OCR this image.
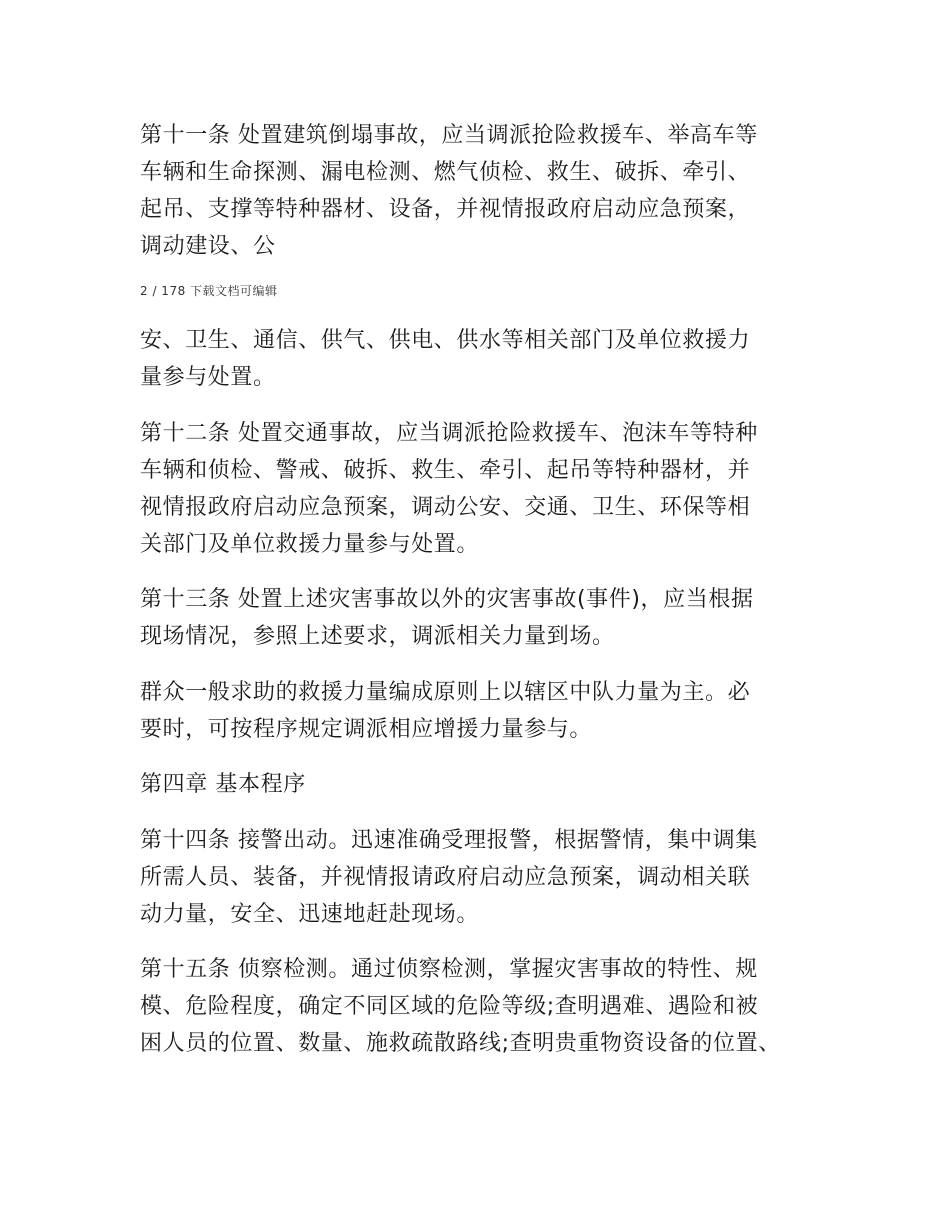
第十一条 处置建筑倒塌事故，应当调派抢险救援车、举高车等
车辆和生命探测、漏电检测、燃气侦检、救生、破拆、牵引、
起吊、支撑等特种器材、设备，并视情报政府启动应急预案，
调动建设、公
2 / 178 下载文档可编辑
安、卫生、通信、供气、供电、供水等相关部门及单位救援力
量参与处置。
第十二条 处置交通事故，应当调派抢险救援车、泡沫车等特种
车辆和侦检、警戒、破拆、救生、牵引、起吊等特种器材，并
视情报政府启动应急预案，调动公安、交通、卫生、环保等相
关部门及单位救援力量参与处置。
第十三条 处置上述灾害事故以外的灾害事故(事件)，应当根据
现场情况，参照上述要求，调派相关力量到场。
群众一般求助的救援力量编成原则上以辖区中队力量为主。必
要时，可按程序规定调派相应增援力量参与。
第四章 基本程序
第十四条 接警出动。迅速准确受理报警，根据警情，集中调集
所需人员、装备，并视情报请政府启动应急预案，调动相关联
动力量，安全、迅速地赶赴现场。
第十五条 侦察检测。通过侦察检测，掌握灾害事故的特性、规
模、危险程度，确定不同区域的危险等级;查明遇难、遇险和被
困人员的位置、数量、施救疏散路线;查明贵重物资设备的位置、
